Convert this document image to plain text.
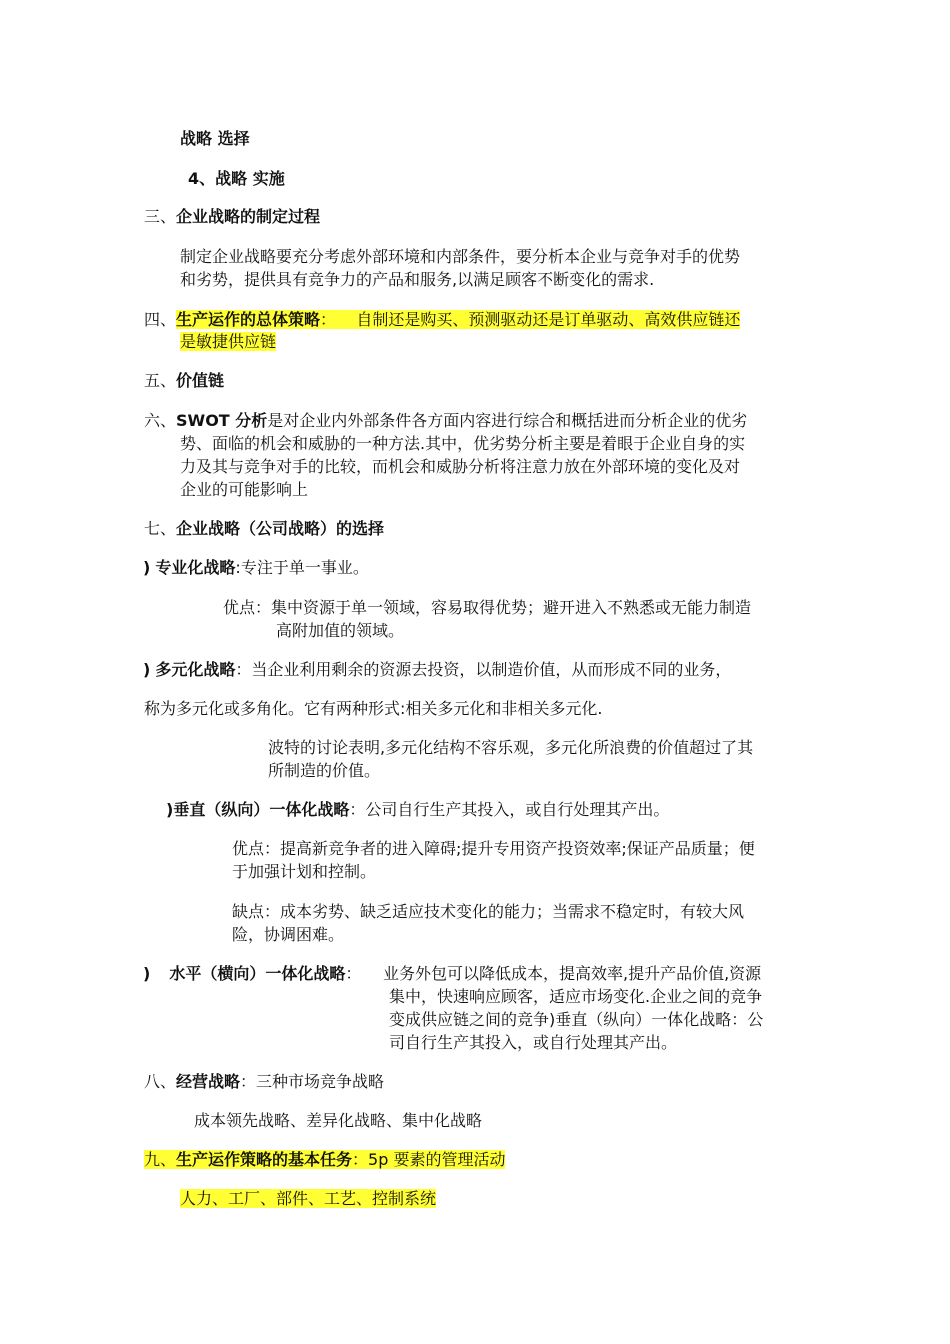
战略 选择
4、战略 实施
三、企业战略的制定过程
制定企业战略要充分考虑外部环境和内部条件，要分析本企业与竞争对手的优势
和劣势，提供具有竞争力的产品和服务,以满足顾客不断变化的需求.
四、生产运作的总体策略：    自制还是购买、预测驱动还是订单驱动、高效供应链还
是敏捷供应链
五、价值链
六、SWOT 分析是对企业内外部条件各方面内容进行综合和概括进而分析企业的优劣
势、面临的机会和威胁的一种方法.其中，优劣势分析主要是着眼于企业自身的实
力及其与竞争对手的比较，而机会和威胁分析将注意力放在外部环境的变化及对
企业的可能影响上
七、企业战略（公司战略）的选择
) 专业化战略:专注于单一事业。
优点：集中资源于单一领域，容易取得优势；避开进入不熟悉或无能力制造
高附加值的领域。
) 多元化战略：当企业利用剩余的资源去投资，以制造价值，从而形成不同的业务，
称为多元化或多角化。它有两种形式:相关多元化和非相关多元化.
波特的讨论表明,多元化结构不容乐观，多元化所浪费的价值超过了其
所制造的价值。
)垂直（纵向）一体化战略：公司自行生产其投入，或自行处理其产出。
优点：提高新竞争者的进入障碍;提升专用资产投资效率;保证产品质量；便
于加强计划和控制。
缺点：成本劣势、缺乏适应技术变化的能力；当需求不稳定时，有较大风
险，协调困难。
) 水平（横向）一体化战略： 业务外包可以降低成本，提高效率,提升产品价值,资源
集中，快速响应顾客，适应市场变化.企业之间的竞争
变成供应链之间的竞争)垂直（纵向）一体化战略：公
司自行生产其投入，或自行处理其产出。
八、经营战略：三种市场竞争战略
成本领先战略、差异化战略、集中化战略
九、生产运作策略的基本任务：5p 要素的管理活动
人力、工厂、部件、工艺、控制系统
